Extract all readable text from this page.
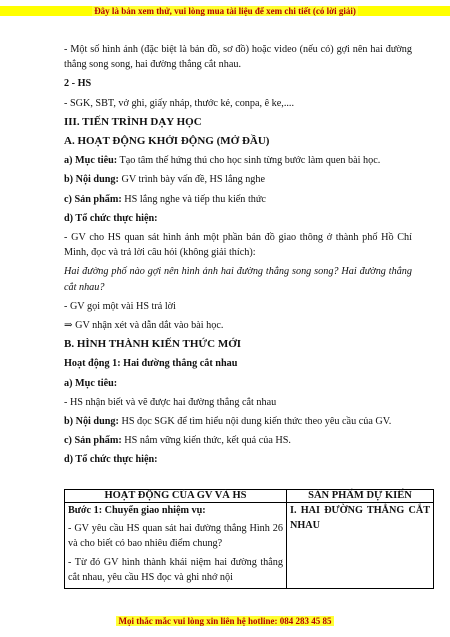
Đây là bản xem thử, vui lòng mua tài liệu để xem chi tiết (có lời giải)

- Một số hình ảnh (đặc biệt là bản đồ, sơ đồ) hoặc video (nếu có) gợi nên hai đường thẳng song song, hai đường thẳng cắt nhau.

2 - HS

- SGK, SBT, vở ghi, giấy nháp, thước kẻ, conpa, ê ke,....

III. TIẾN TRÌNH DẠY HỌC

A. HOẠT ĐỘNG KHỞI ĐỘNG (MỞ ĐẦU)

a) Mục tiêu: Tạo tâm thế hứng thú cho học sinh từng bước làm quen bài học.

b) Nội dung: GV trình bày vấn đề, HS lắng nghe

c) Sản phẩm: HS lắng nghe và tiếp thu kiến thức

d) Tổ chức thực hiện:

- GV cho HS quan sát hình ảnh một phần bản đồ giao thông ở thành phố Hồ Chí Minh, đọc và trả lời câu hỏi (không giải thích):

Hai đường phố nào gợi nên hình ảnh hai đường thẳng song song? Hai đường thẳng cắt nhau?

- GV gọi một vài HS trả lời

⇒ GV nhận xét và dẫn dắt vào bài học.

B. HÌNH THÀNH KIẾN THỨC MỚI

Hoạt động 1: Hai đường thẳng cắt nhau

a) Mục tiêu:

- HS nhận biết và vẽ được hai đường thẳng cắt nhau

b) Nội dung: HS đọc SGK để tìm hiểu nội dung kiến thức theo yêu cầu của GV.

c) Sản phẩm: HS nắm vững kiến thức, kết quả của HS.

d) Tổ chức thực hiện:

HOẠT ĐỘNG CỦA GV VÀ HS	SẢN PHẨM DỰ KIẾN

Bước 1: Chuyển giao nhiệm vụ:

- GV yêu cầu HS quan sát hai đường thẳng Hình 26 và cho biết có bao nhiêu điểm chung?

- Từ đó GV hình thành khái niệm hai đường thẳng cắt nhau, yêu cầu HS đọc và ghi nhớ nội	I. HAI ĐƯỜNG THẲNG CẮT NHAU

Mọi thắc mắc vui lòng xin liên hệ hotline: 084 283 45 85
